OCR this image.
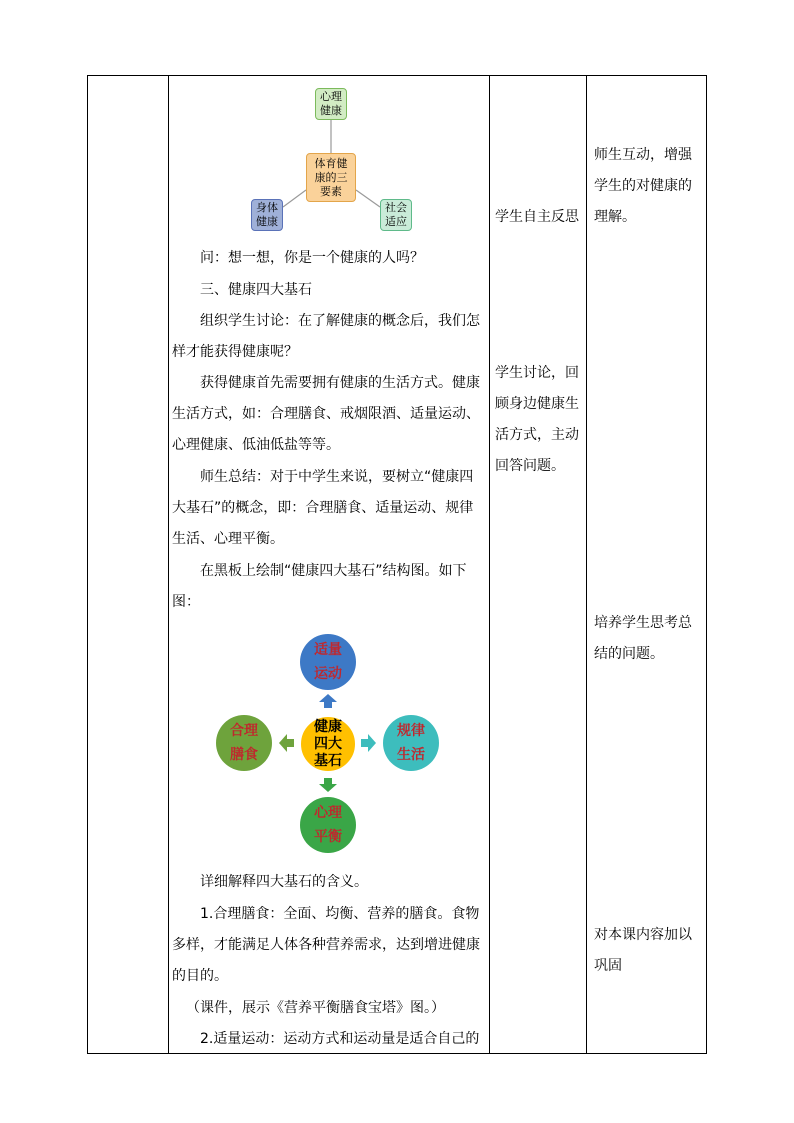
心理
健康
体育健
康的三
要素
身体
健康
社会
适应
问：想一想，你是一个健康的人吗？
三、健康四大基石
组织学生讨论：在了解健康的概念后，我们怎
样才能获得健康呢？
获得健康首先需要拥有健康的生活方式。健康
生活方式，如：合理膳食、戒烟限酒、适量运动、
心理健康、低油低盐等等。
师生总结：对于中学生来说，要树立“健康四
大基石”的概念，即：合理膳食、适量运动、规律
生活、心理平衡。
在黑板上绘制“健康四大基石”结构图。如下
图：
适量
运动
合理
膳食
规律
生活
心理
平衡
健康
四大
基石
详细解释四大基石的含义。
1.合理膳食：全面、均衡、营养的膳食。食物
多样，才能满足人体各种营养需求，达到增进健康
的目的。
（课件，展示《营养平衡膳食宝塔》图。）
2.适量运动：运动方式和运动量是适合自己的
学生自主反思
学生讨论，回
顾身边健康生
活方式，主动
回答问题。
师生互动，增强
学生的对健康的
理解。
培养学生思考总
结的问题。
对本课内容加以
巩固
